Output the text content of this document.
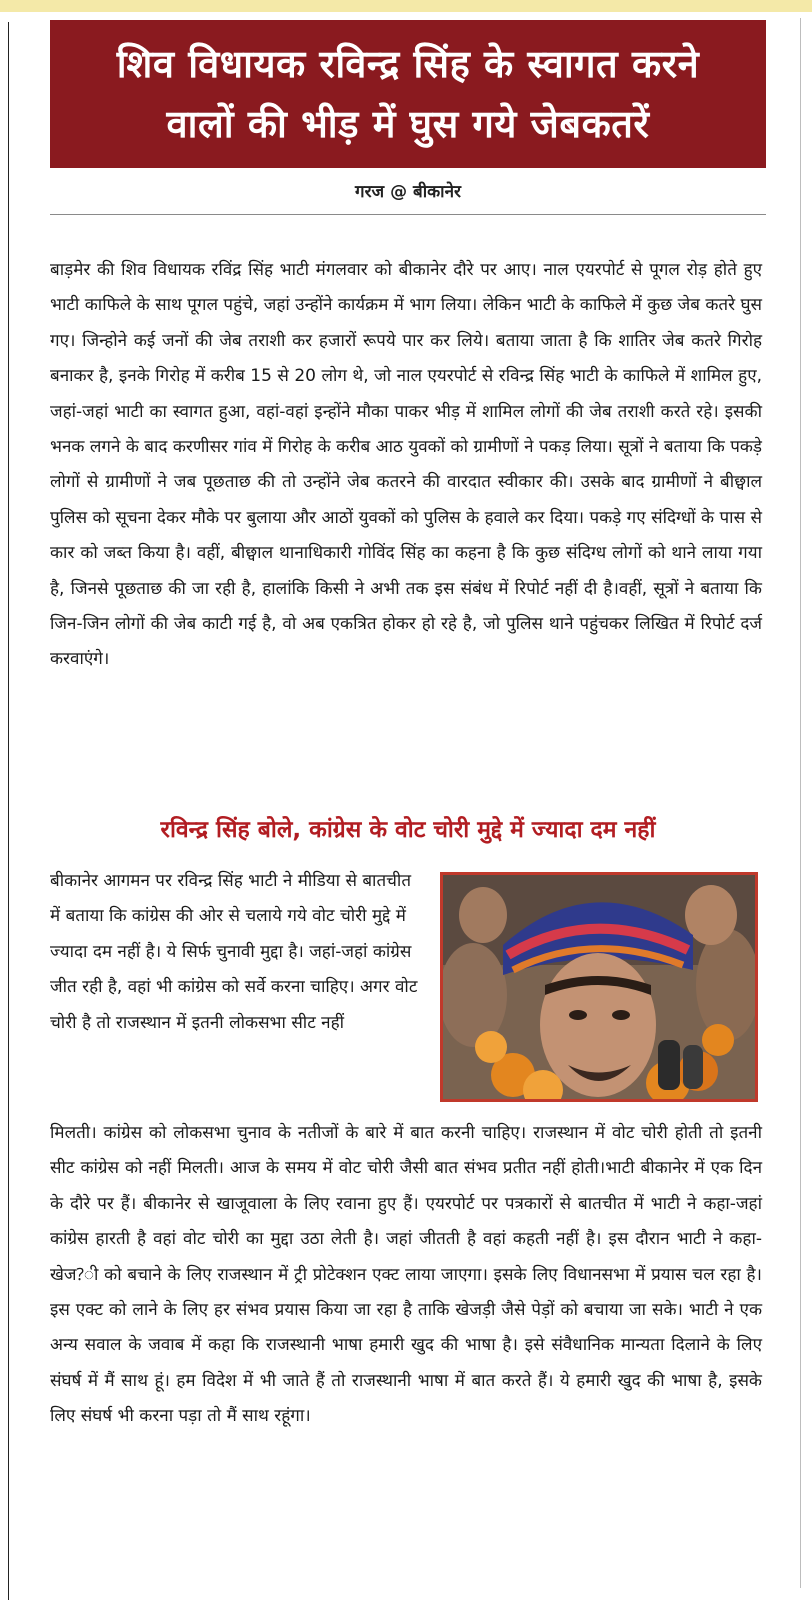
शिव विधायक रविन्द्र सिंह के स्वागत करने
वालों की भीड़ में घुस गये जेबकतरें
गरज @ बीकानेर
बाड़मेर की शिव विधायक रविंद्र सिंह भाटी मंगलवार को बीकानेर दौरे पर आए। नाल एयरपोर्ट से पूगल रोड़ होते हुए भाटी काफिले के साथ पूगल पहुंचे, जहां उन्होंने कार्यक्रम में भाग लिया। लेकिन भाटी के काफिले में कुछ जेब कतरे घुस गए। जिन्होने कई जनों की जेब तराशी कर हजारों रूपये पार कर लिये। बताया जाता है कि शातिर जेब कतरे गिरोह बनाकर है, इनके गिरोह में करीब 15 से 20 लोग थे, जो नाल एयरपोर्ट से रविन्द्र सिंह भाटी के काफिले में शामिल हुए, जहां-जहां भाटी का स्वागत हुआ, वहां-वहां इन्होंने मौका पाकर भीड़ में शामिल लोगों की जेब तराशी करते रहे। इसकी भनक लगने के बाद करणीसर गांव में गिरोह के करीब आठ युवकों को ग्रामीणों ने पकड़ लिया। सूत्रों ने बताया कि पकड़े लोगों से ग्रामीणों ने जब पूछताछ की तो उन्होंने जेब कतरने की वारदात स्वीकार की। उसके बाद ग्रामीणों ने बीछ्वाल पुलिस को सूचना देकर मौके पर बुलाया और आठों युवकों को पुलिस के हवाले कर दिया। पकड़े गए संदिग्धों के पास से कार को जब्त किया है। वहीं, बीछ्वाल थानाधिकारी गोविंद सिंह का कहना है कि कुछ संदिग्ध लोगों को थाने लाया गया है, जिनसे पूछताछ की जा रही है, हालांकि किसी ने अभी तक इस संबंध में रिपोर्ट नहीं दी है।वहीं, सूत्रों ने बताया कि जिन-जिन लोगों की जेब काटी गई है, वो अब एकत्रित होकर हो रहे है, जो पुलिस थाने पहुंचकर लिखित में रिपोर्ट दर्ज करवाएंगे।
रविन्द्र सिंह बोले, कांग्रेस के वोट चोरी मुद्दे में ज्यादा दम नहीं
बीकानेर आगमन पर रविन्द्र सिंह भाटी ने मीडिया से बातचीत में बताया कि कांग्रेस की ओर से चलाये गये वोट चोरी मुद्दे में ज्यादा दम नहीं है। ये सिर्फ चुनावी मुद्दा है। जहां-जहां कांग्रेस जीत रही है, वहां भी कांग्रेस को सर्वे करना चाहिए। अगर वोट चोरी है तो राजस्थान में इतनी लोकसभा सीट नहीं
मिलती। कांग्रेस को लोकसभा चुनाव के नतीजों के बारे में बात करनी चाहिए। राजस्थान में वोट चोरी होती तो इतनी सीट कांग्रेस को नहीं मिलती। आज के समय में वोट चोरी जैसी बात संभव प्रतीत नहीं होती।भाटी बीकानेर में एक दिन के दौरे पर हैं। बीकानेर से खाजूवाला के लिए रवाना हुए हैं। एयरपोर्ट पर पत्रकारों से बातचीत में भाटी ने कहा-जहां कांग्रेस हारती है वहां वोट चोरी का मुद्दा उठा लेती है। जहां जीतती है वहां कहती नहीं है। इस दौरान भाटी ने कहा- खेज?ी को बचाने के लिए राजस्थान में ट्री प्रोटेक्शन एक्ट लाया जाएगा। इसके लिए विधानसभा में प्रयास चल रहा है। इस एक्ट को लाने के लिए हर संभव प्रयास किया जा रहा है ताकि खेजड़ी जैसे पेड़ों को बचाया जा सके। भाटी ने एक अन्य सवाल के जवाब में कहा कि राजस्थानी भाषा हमारी खुद की भाषा है। इसे संवैधानिक मान्यता दिलाने के लिए संघर्ष में मैं साथ हूं। हम विदेश में भी जाते हैं तो राजस्थानी भाषा में बात करते हैं। ये हमारी खुद की भाषा है, इसके लिए संघर्ष भी करना पड़ा तो मैं साथ रहूंगा।
